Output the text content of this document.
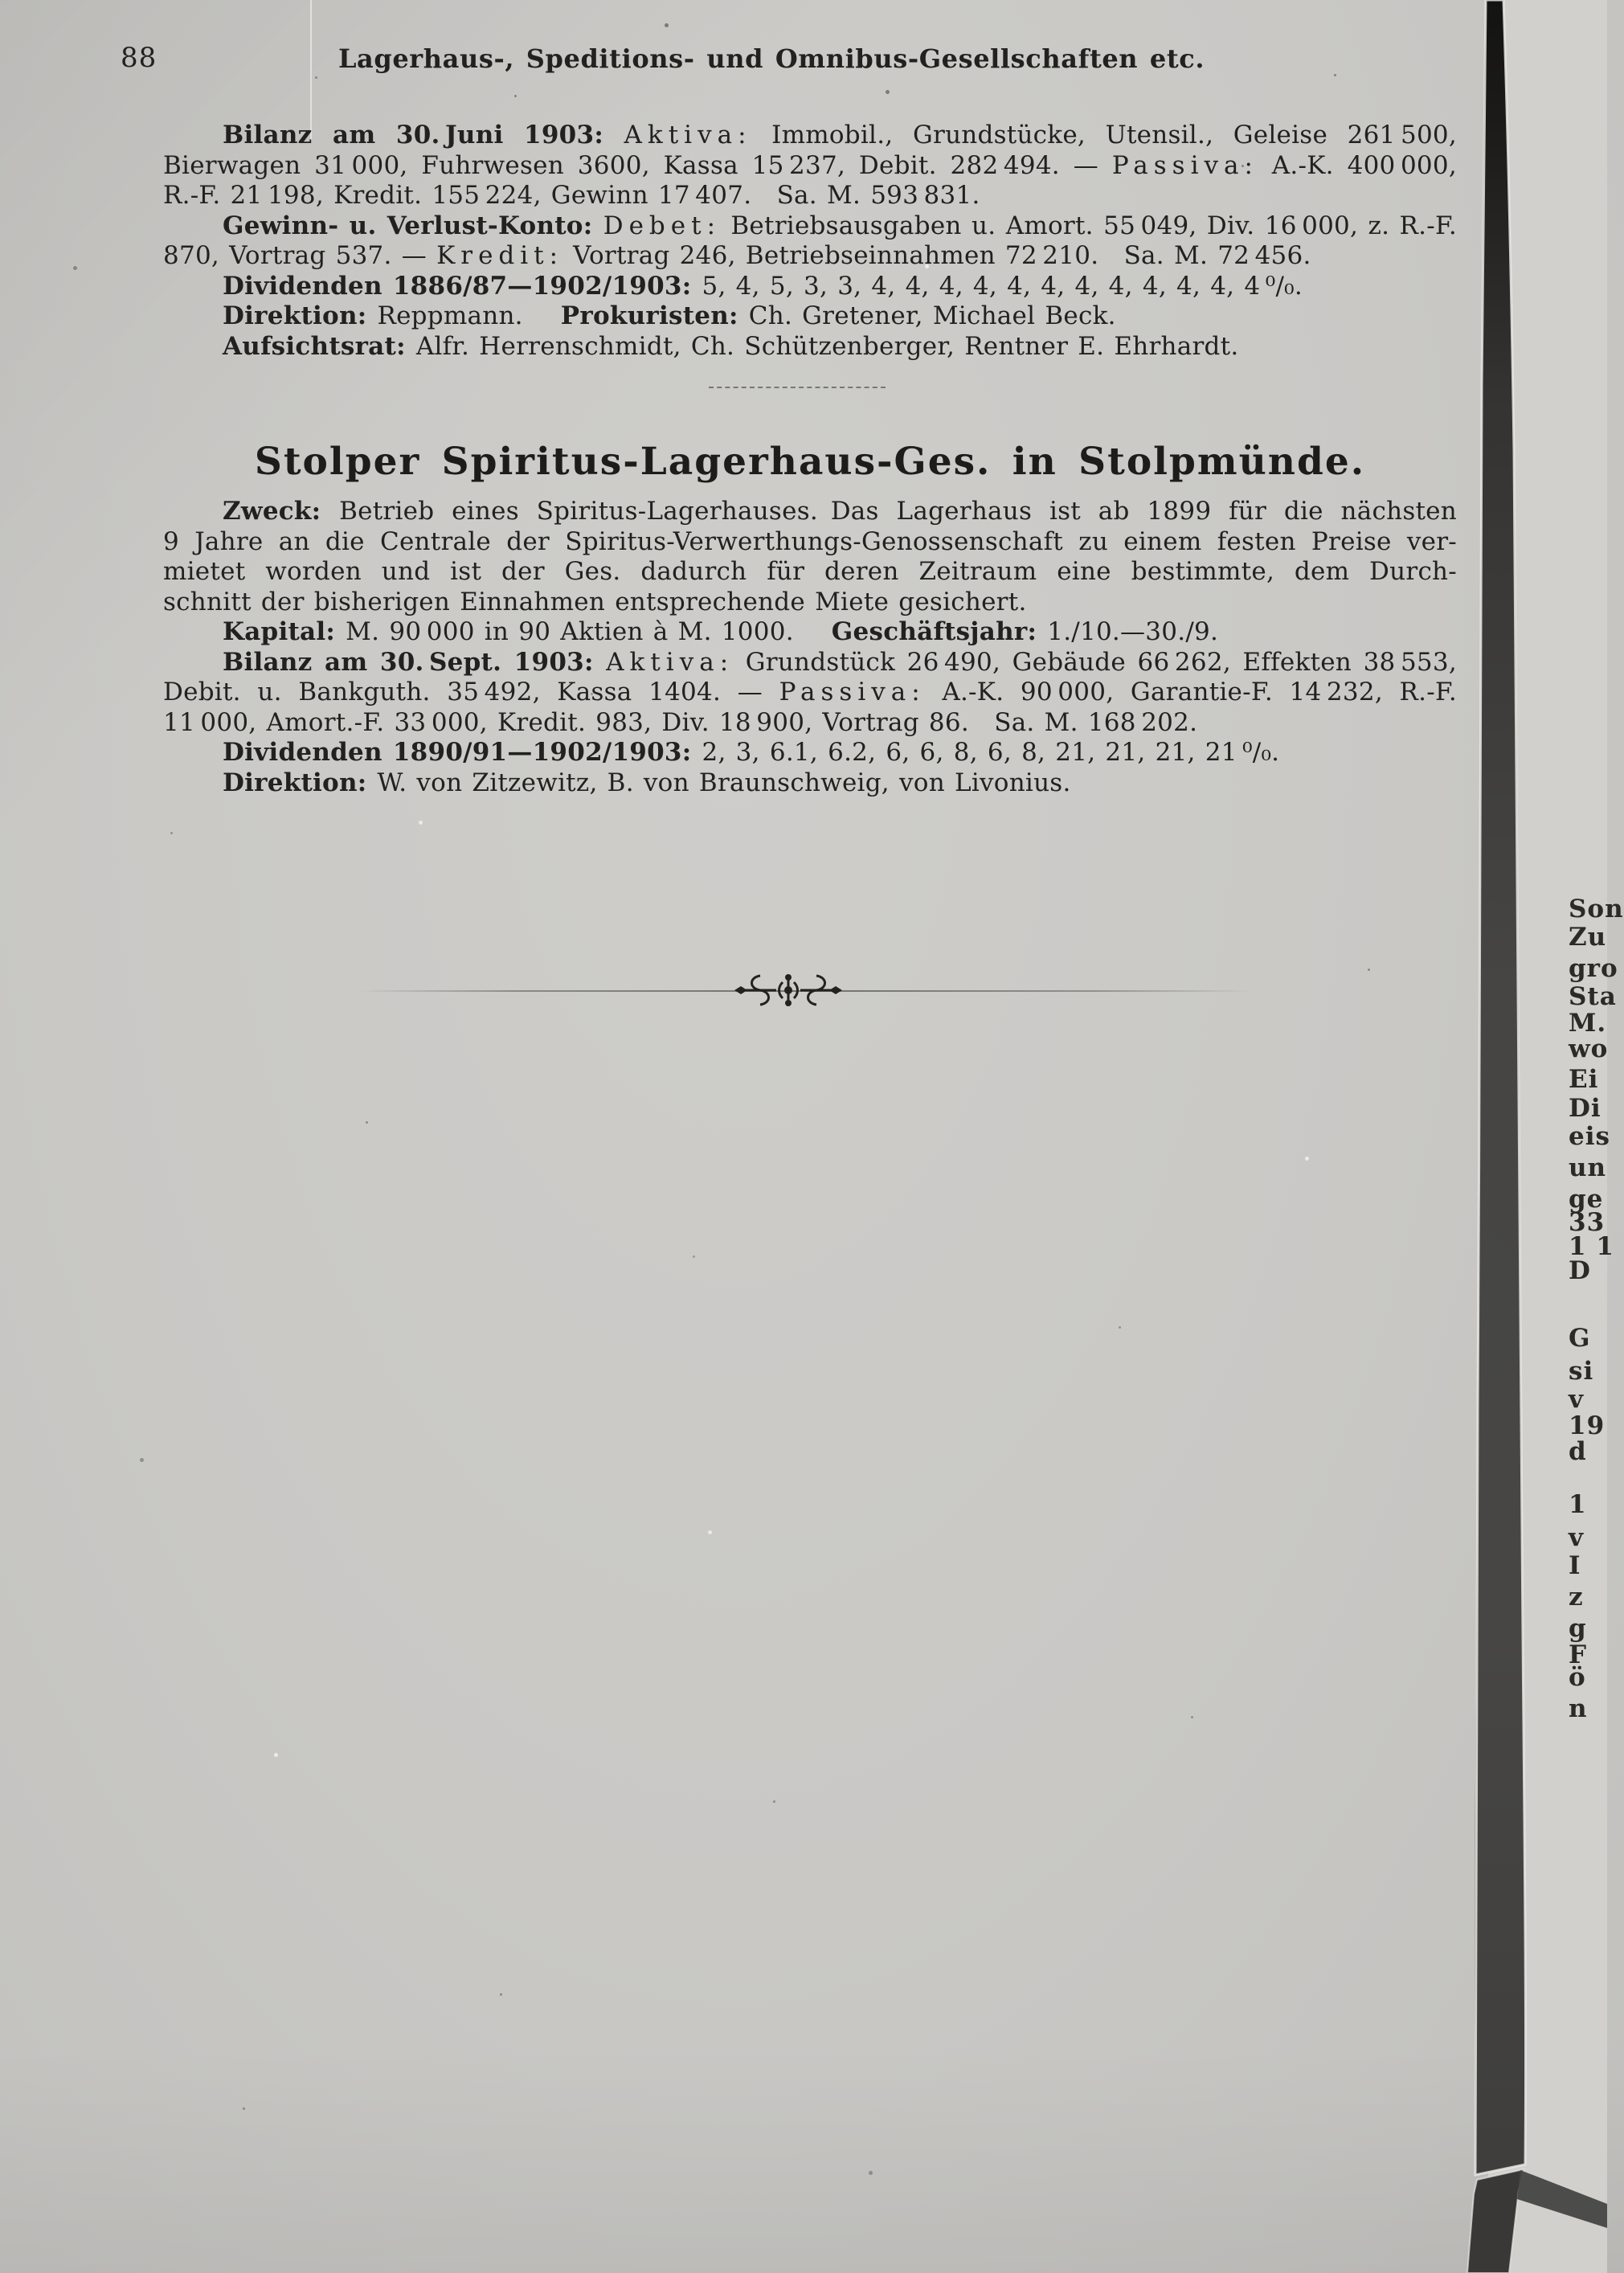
88	Lagerhaus-, Speditions- und Omnibus-Gesellschaften etc.
Bilanz am 30. Juni 1903: Aktiva: Immobil., Grundstücke, Utensil., Geleise 261 500,
Bierwagen 31 000, Fuhrwesen 3600, Kassa 15 237, Debit. 282 494. — Passiva: A.-K. 400 000,
R.-F. 21 198, Kredit. 155 224, Gewinn 17 407. Sa. M. 593 831.
Gewinn- u. Verlust-Konto: Debet: Betriebsausgaben u. Amort. 55 049, Div. 16 000, z. R.-F.
870, Vortrag 537. — Kredit: Vortrag 246, Betriebseinnahmen 72 210. Sa. M. 72 456.
Dividenden 1886/87—1902/1903: 5, 4, 5, 3, 3, 4, 4, 4, 4, 4, 4, 4, 4, 4, 4, 4, 4 ⁰/₀.
Direktion: Reppmann.  Prokuristen: Ch. Gretener, Michael Beck.
Aufsichtsrat: Alfr. Herrenschmidt, Ch. Schützenberger, Rentner E. Ehrhardt.
Stolper Spiritus-Lagerhaus-Ges. in Stolpmünde.
Zweck: Betrieb eines Spiritus-Lagerhauses. Das Lagerhaus ist ab 1899 für die nächsten
9 Jahre an die Centrale der Spiritus-Verwerthungs-Genossenschaft zu einem festen Preise ver-
mietet worden und ist der Ges. dadurch für deren Zeitraum eine bestimmte, dem Durch-
schnitt der bisherigen Einnahmen entsprechende Miete gesichert.
Kapital: M. 90 000 in 90 Aktien à M. 1000.  Geschäftsjahr: 1./10.—30./9.
Bilanz am 30. Sept. 1903: Aktiva: Grundstück 26 490, Gebäude 66 262, Effekten 38 553,
Debit. u. Bankguth. 35 492, Kassa 1404. — Passiva: A.-K. 90 000, Garantie-F. 14 232, R.-F.
11 000, Amort.-F. 33 000, Kredit. 983, Div. 18 900, Vortrag 86. Sa. M. 168 202.
Dividenden 1890/91—1902/1903: 2, 3, 6.1, 6.2, 6, 6, 8, 6, 8, 21, 21, 21, 21 ⁰/₀.
Direktion: W. von Zitzewitz, B. von Braunschweig, von Livonius.
Son
Zu
gro
Sta
M.
wo
Ei
Di
eis
un
ge
33
1 1
D
G
si
v
19
d
1
v
I
z
g
F
ö
n
